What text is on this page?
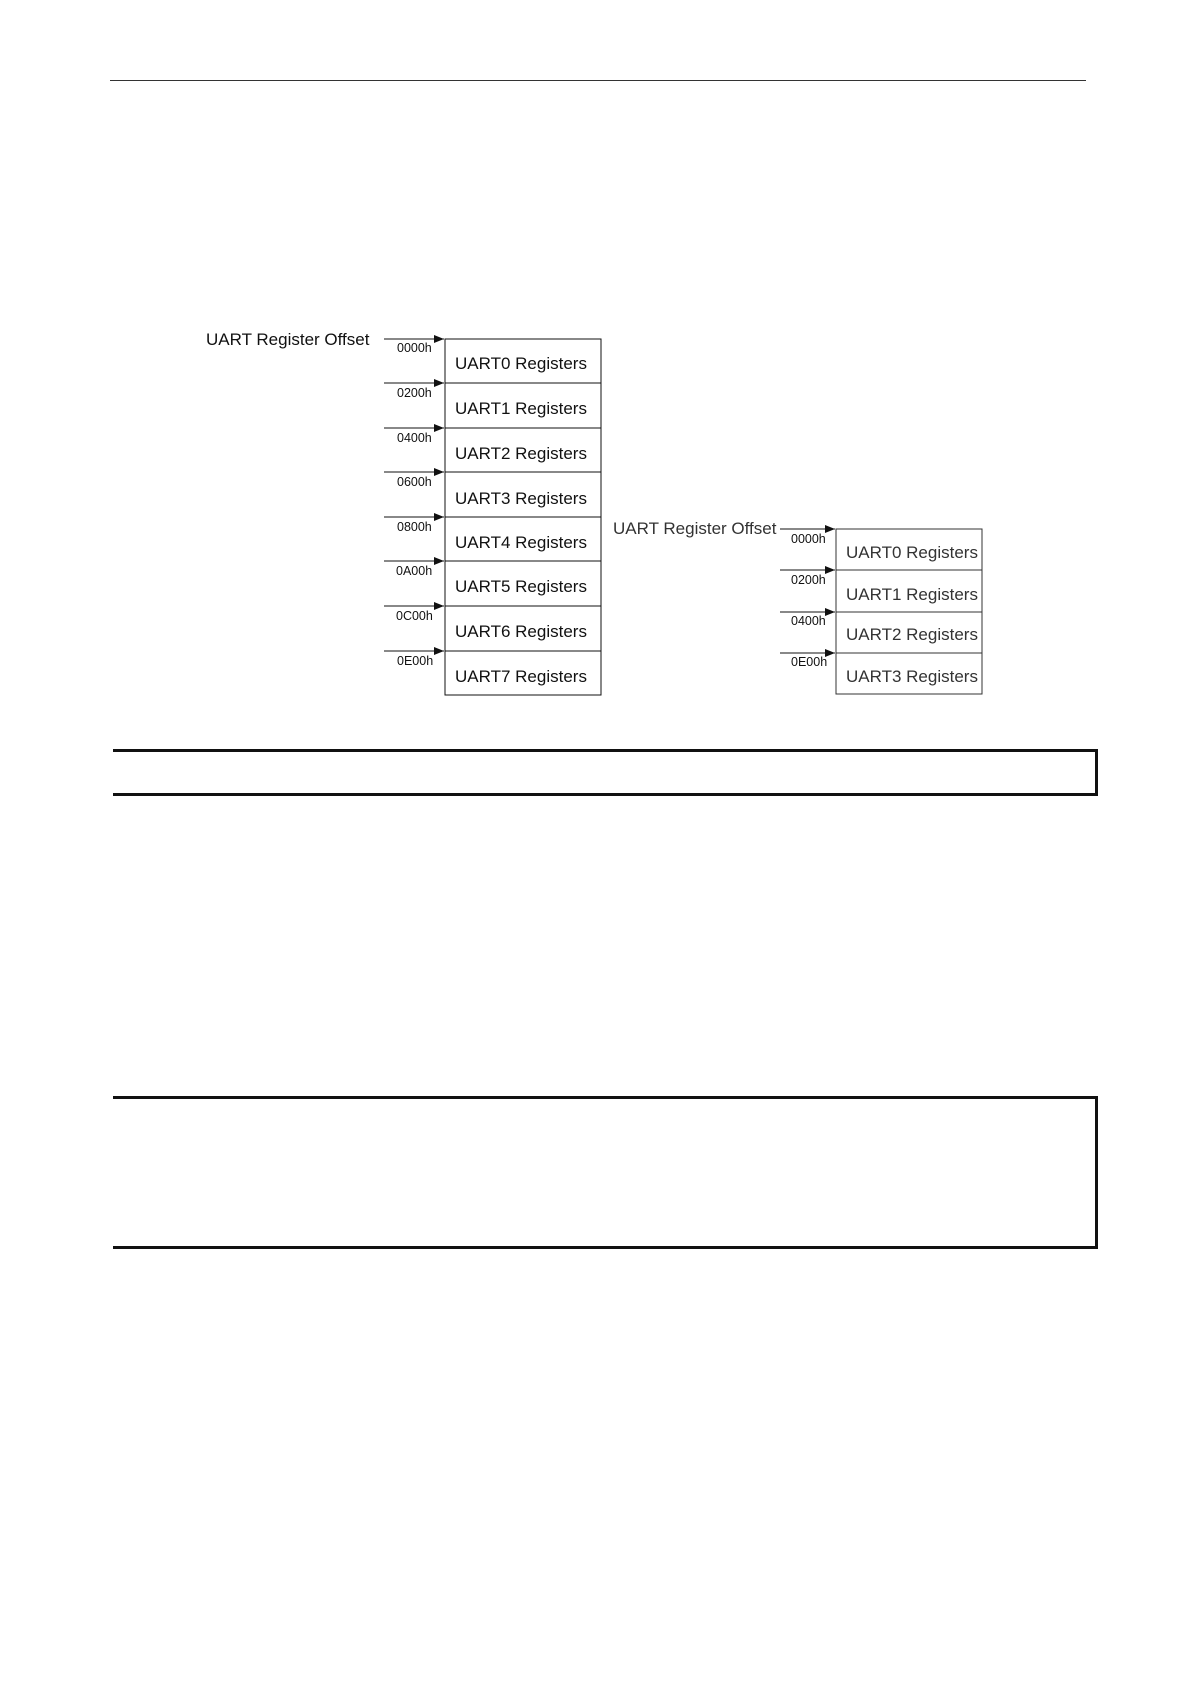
UART Register Offset 0000h
UART0 Registers
0200h
UART1 Registers
0400h
UART2 Registers
0600h
UART3 Registers
0800h
UART4 Registers
0A00h
UART5 Registers
0C00h
UART6 Registers
0E00h
UART7 Registers
UART Register Offset
0000h
UART0 Registers
0200h
UART1 Registers
0400h
UART2 Registers
0E00h
UART3 Registers
